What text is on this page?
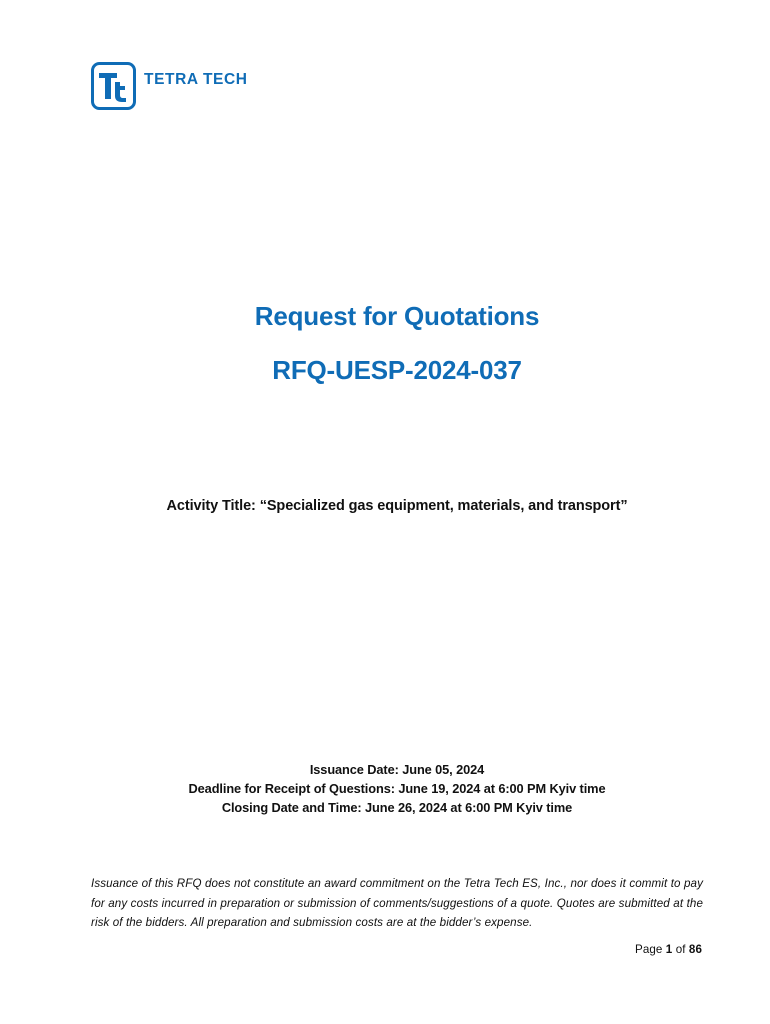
TETRA TECH
Request for Quotations
RFQ-UESP-2024-037
Activity Title: “Specialized gas equipment, materials, and transport”
Issuance Date: June 05, 2024
Deadline for Receipt of Questions: June 19, 2024 at 6:00 PM Kyiv time
Closing Date and Time: June 26, 2024 at 6:00 PM Kyiv time
Issuance of this RFQ does not constitute an award commitment on the Tetra Tech ES, Inc., nor does it commit to pay for any costs incurred in preparation or submission of comments/suggestions of a quote. Quotes are submitted at the risk of the bidders. All preparation and submission costs are at the bidder’s expense.
Page 1 of 86
